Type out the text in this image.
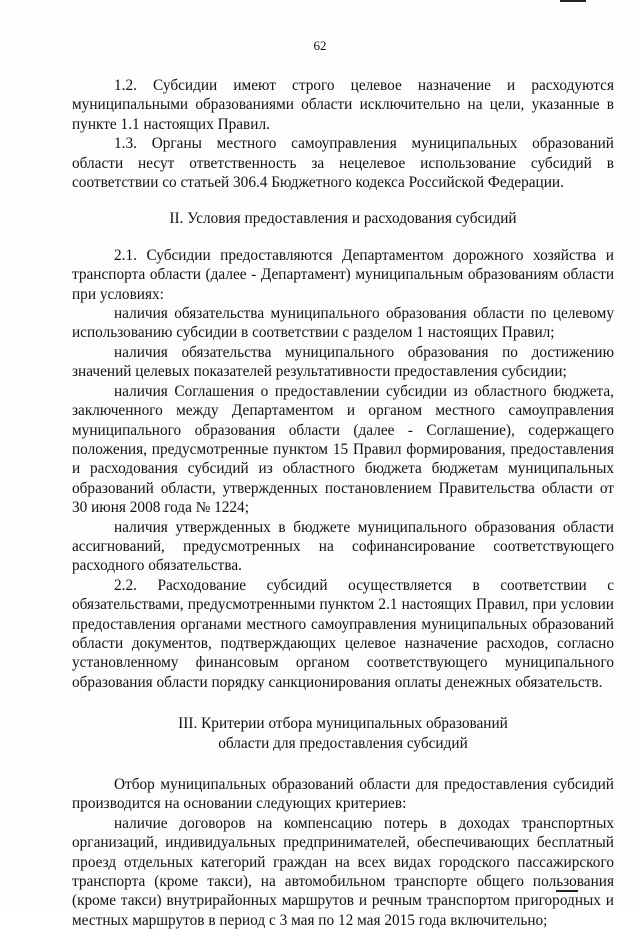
62

1.2. Субсидии имеют строго целевое назначение и расходуются муниципальными образованиями области исключительно на цели, указанные в пункте 1.1 настоящих Правил.

1.3. Органы местного самоуправления муниципальных образований области несут ответственность за нецелевое использование субсидий в соответствии со статьей 306.4 Бюджетного кодекса Российской Федерации.

II. Условия предоставления и расходования субсидий

2.1. Субсидии предоставляются Департаментом дорожного хозяйства и транспорта области (далее - Департамент) муниципальным образованиям области при условиях:

наличия обязательства муниципального образования области по целевому использованию субсидии в соответствии с разделом 1 настоящих Правил;

наличия обязательства муниципального образования по достижению значений целевых показателей результативности предоставления субсидии;

наличия Соглашения о предоставлении субсидии из областного бюджета, заключенного между Департаментом и органом местного самоуправления муниципального образования области (далее - Соглашение), содержащего положения, предусмотренные пунктом 15 Правил формирования, предоставления и расходования субсидий из областного бюджета бюджетам муниципальных образований области, утвержденных постановлением Правительства области от 30 июня 2008 года № 1224;

наличия утвержденных в бюджете муниципального образования области ассигнований, предусмотренных на софинансирование соответствующего расходного обязательства.

2.2. Расходование субсидий осуществляется в соответствии с обязательствами, предусмотренными пунктом 2.1 настоящих Правил, при условии предоставления органами местного самоуправления муниципальных образований области документов, подтверждающих целевое назначение расходов, согласно установленному финансовым органом соответствующего муниципального образования области порядку санкционирования оплаты денежных обязательств.

III. Критерии отбора муниципальных образований
области для предоставления субсидий

Отбор муниципальных образований области для предоставления субсидий производится на основании следующих критериев:

наличие договоров на компенсацию потерь в доходах транспортных организаций, индивидуальных предпринимателей, обеспечивающих бесплатный проезд отдельных категорий граждан на всех видах городского пассажирского транспорта (кроме такси), на автомобильном транспорте общего пользования (кроме такси) внутрирайонных маршрутов и речным транспортом пригородных и местных маршрутов в период с 3 мая по 12 мая 2015 года включительно;
